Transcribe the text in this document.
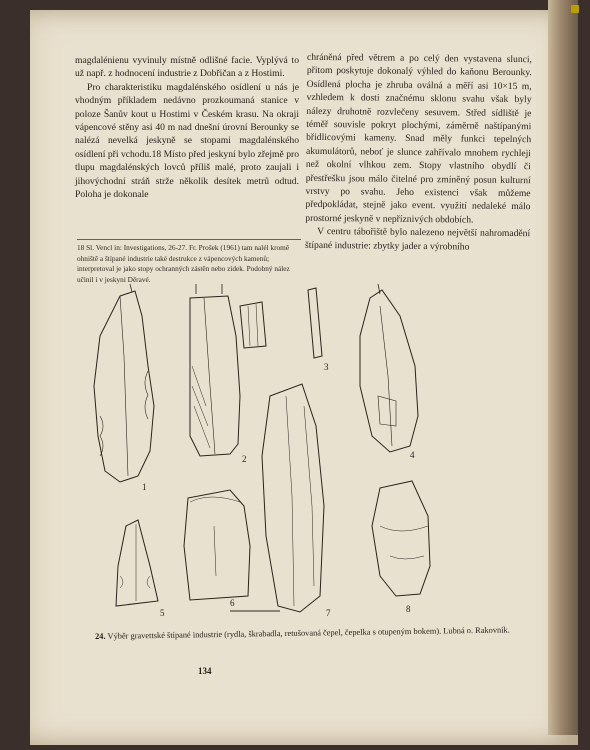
magdalénienu vyvinuly místně odlišné facie. Vyplývá to už např. z hodnocení industrie z Dobřičan a z Hostimi.

Pro charakteristiku magdalénského osídlení u nás je vhodným příkladem nedávno prozkoumaná stanice v poloze Šanův kout u Hostimi v Českém krasu. Na okraji vápencové stěny asi 40 m nad dnešní úrovní Berounky se nalézá nevelká jeskyně se stopami magdalénského osídlení při vchodu.18 Místo před jeskyní bylo zřejmě pro tlupu magdalénských lovců příliš malé, proto zaujali i jihovýchodní stráň strže několik desítek metrů odtud. Poloha je dokonale

18 Sl. Vencl in: Investigations, 26-27. Fr. Prošek (1961) tam nalél kromě ohniště a štípané industrie také destrukce z vápencových kamenů; interpretoval je jako stopy ochranných zástěn nebo zídek. Podobný nález učinil i v jeskyni Děravé.

chráněná před větrem a po celý den vystavena slunci, přitom poskytuje dokonalý výhled do kaňonu Berounky. Osídlená plocha je zhruba oválná a měří asi 10×15 m, vzhledem k dosti značnému sklonu svahu však byly nálezy druhotně rozvlečeny sesuvem. Střed sídliště je téměř souvisle pokryt plochými, záměrně naštípanými břidlicovými kameny. Snad měly funkci tepelných akumulátorů, neboť je slunce zahřívalo mnohem rychleji než okolní vlhkou zem. Stopy vlastního obydlí či přestřešku jsou málo čitelné pro zmíněný posun kulturní vrstvy po svahu. Jeho existenci však můžeme předpokládat, stejně jako event. využití nedaleké málo prostorné jeskyně v nepříznivých obdobích.

V centru tábořiště bylo nalezeno největší nahromadění štípané industrie: zbytky jader a výrobního

1
2
3
4
5
6
7	8
24. Výběr gravettské štípané industrie (rydla, škrabadla, retušovaná čepel, čepelka s otupeným bokem). Lubná o. Rakovník.
134
